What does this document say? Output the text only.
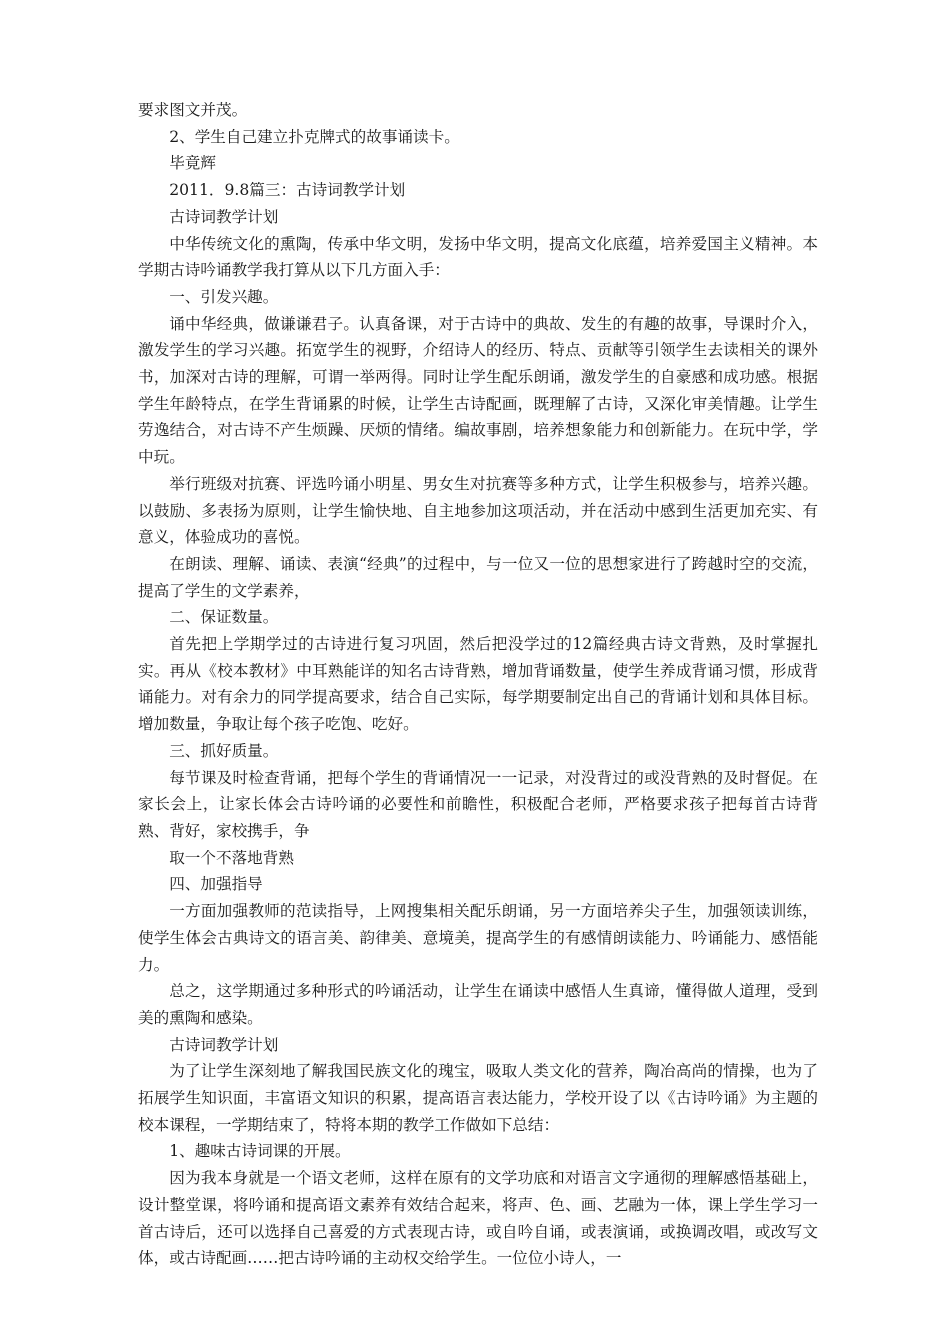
要求图文并茂。

2、学生自己建立扑克牌式的故事诵读卡。

毕竟辉

2011．9.8篇三：古诗词教学计划

古诗词教学计划

中华传统文化的熏陶，传承中华文明，发扬中华文明，提高文化底蕴，培养爱国主义精神。本学期古诗吟诵教学我打算从以下几方面入手：

一、引发兴趣。

诵中华经典，做谦谦君子。认真备课，对于古诗中的典故、发生的有趣的故事，导课时介入，激发学生的学习兴趣。拓宽学生的视野，介绍诗人的经历、特点、贡献等引领学生去读相关的课外书，加深对古诗的理解，可谓一举两得。同时让学生配乐朗诵，激发学生的自豪感和成功感。根据学生年龄特点，在学生背诵累的时候，让学生古诗配画，既理解了古诗，又深化审美情趣。让学生劳逸结合，对古诗不产生烦躁、厌烦的情绪。编故事剧，培养想象能力和创新能力。在玩中学，学中玩。

举行班级对抗赛、评选吟诵小明星、男女生对抗赛等多种方式，让学生积极参与，培养兴趣。以鼓励、多表扬为原则，让学生愉快地、自主地参加这项活动，并在活动中感到生活更加充实、有意义，体验成功的喜悦。

在朗读、理解、诵读、表演“经典”的过程中，与一位又一位的思想家进行了跨越时空的交流，提高了学生的文学素养，

二、保证数量。

首先把上学期学过的古诗进行复习巩固，然后把没学过的12篇经典古诗文背熟，及时掌握扎实。再从《校本教材》中耳熟能详的知名古诗背熟，增加背诵数量，使学生养成背诵习惯，形成背诵能力。对有余力的同学提高要求，结合自己实际，每学期要制定出自己的背诵计划和具体目标。增加数量，争取让每个孩子吃饱、吃好。

三、抓好质量。

每节课及时检查背诵，把每个学生的背诵情况一一记录，对没背过的或没背熟的及时督促。在家长会上，让家长体会古诗吟诵的必要性和前瞻性，积极配合老师，严格要求孩子把每首古诗背熟、背好，家校携手，争

取一个不落地背熟

四、加强指导

一方面加强教师的范读指导，上网搜集相关配乐朗诵，另一方面培养尖子生，加强领读训练，使学生体会古典诗文的语言美、韵律美、意境美，提高学生的有感情朗读能力、吟诵能力、感悟能力。

总之，这学期通过多种形式的吟诵活动，让学生在诵读中感悟人生真谛，懂得做人道理，受到美的熏陶和感染。

古诗词教学计划

为了让学生深刻地了解我国民族文化的瑰宝，吸取人类文化的营养，陶冶高尚的情操，也为了拓展学生知识面，丰富语文知识的积累，提高语言表达能力，学校开设了以《古诗吟诵》为主题的校本课程，一学期结束了，特将本期的教学工作做如下总结：

1、趣味古诗词课的开展。

因为我本身就是一个语文老师，这样在原有的文学功底和对语言文字通彻的理解感悟基础上，设计整堂课，将吟诵和提高语文素养有效结合起来，将声、色、画、艺融为一体，课上学生学习一首古诗后，还可以选择自己喜爱的方式表现古诗，或自吟自诵，或表演诵，或换调改唱，或改写文体，或古诗配画……把古诗吟诵的主动权交给学生。一位位小诗人，一
